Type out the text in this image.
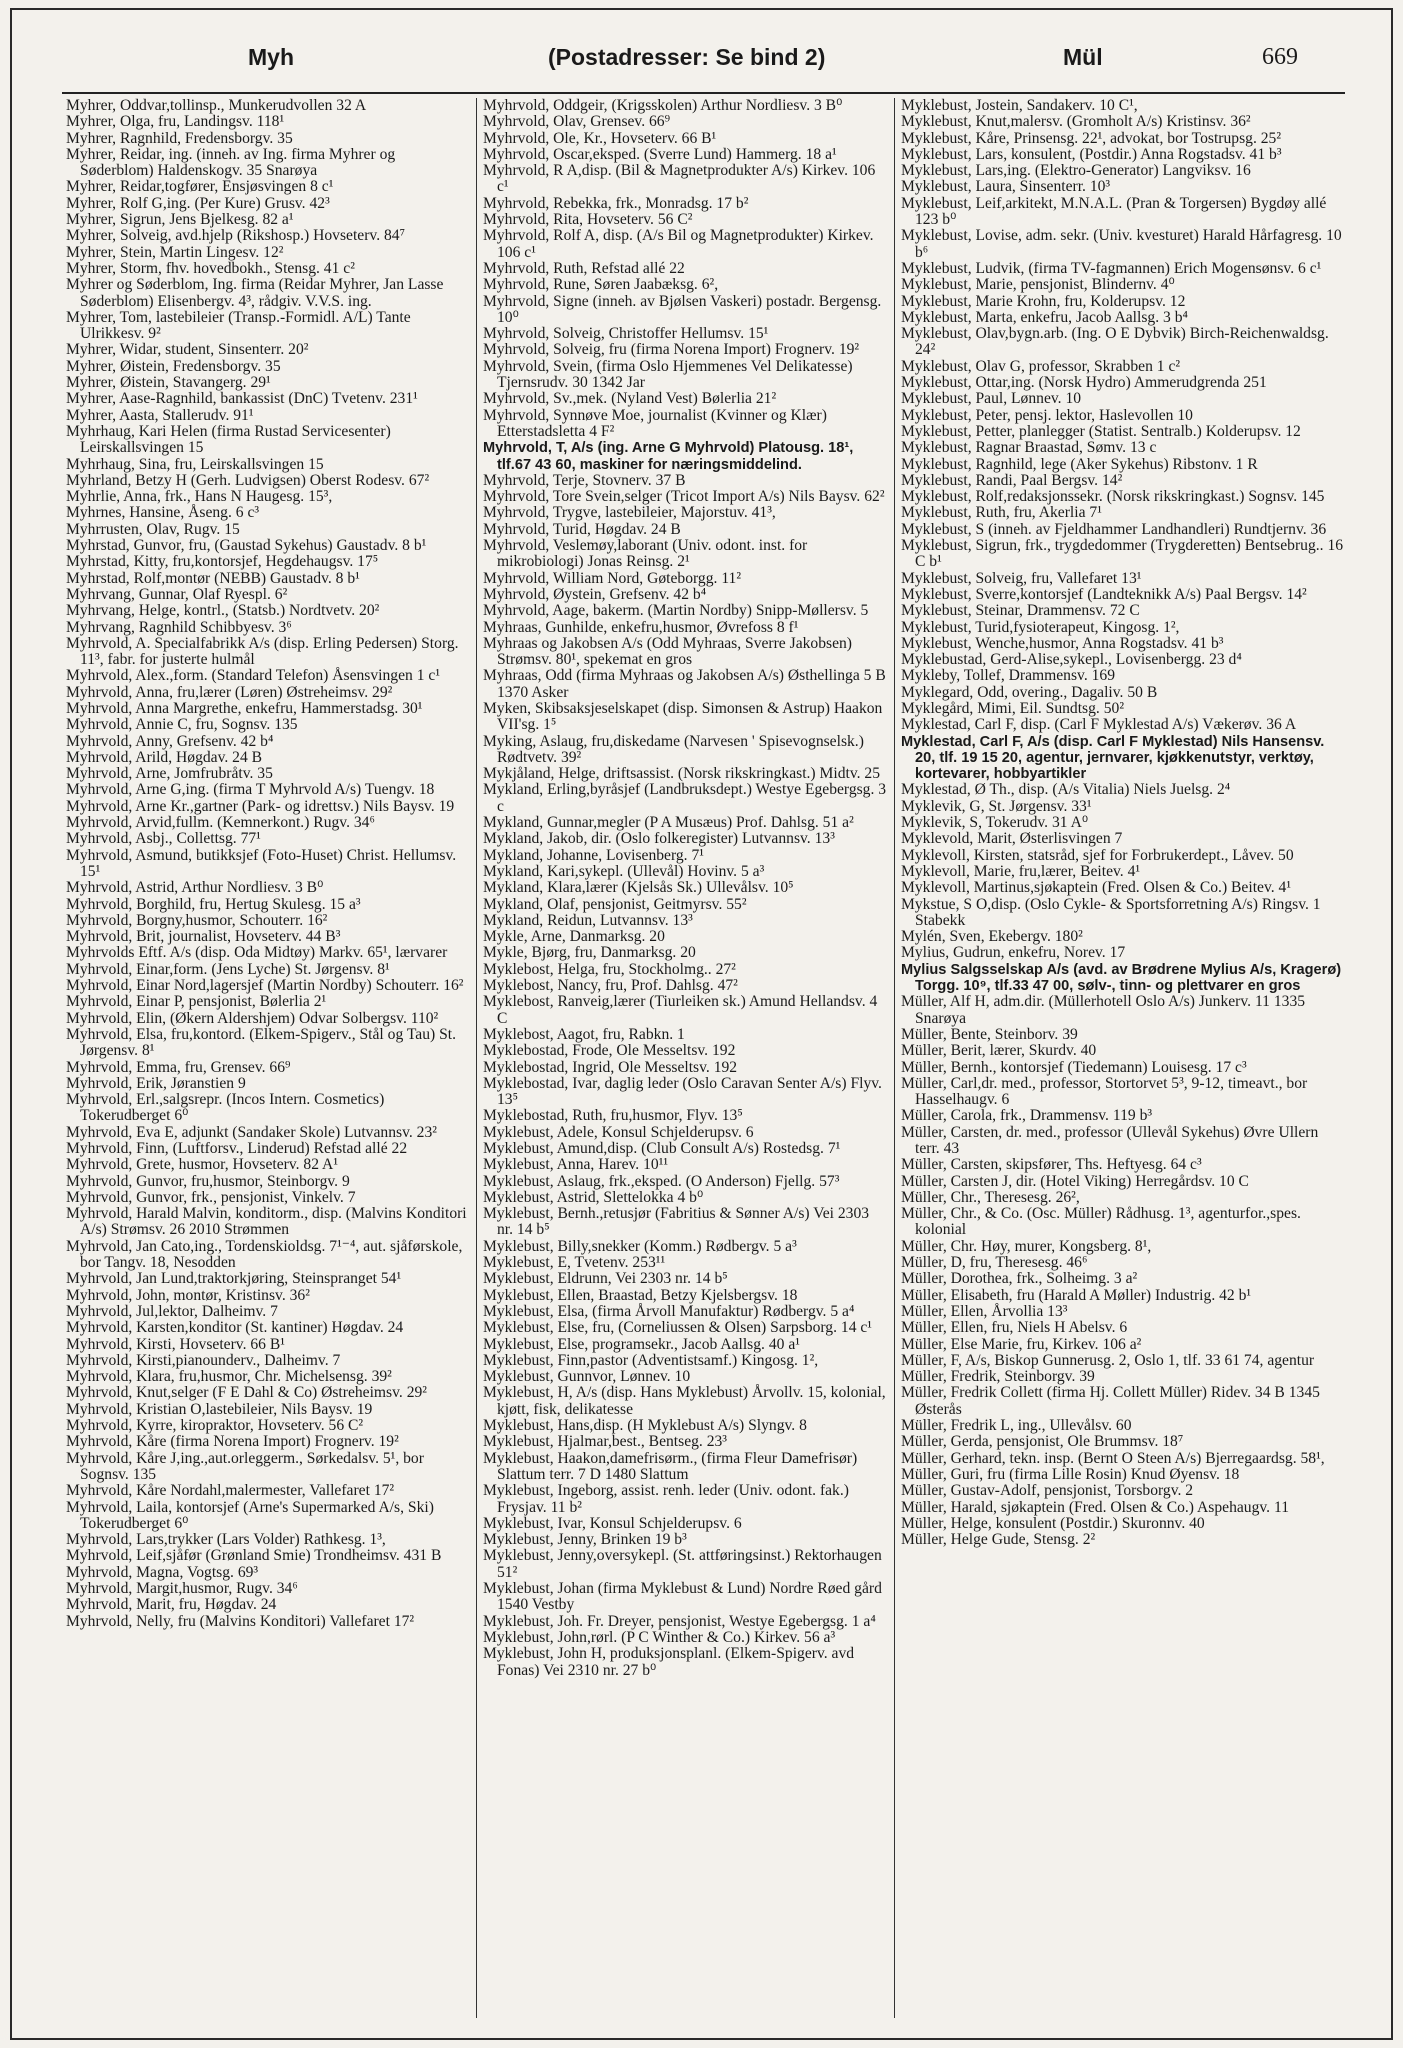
Myh	(Postadresser: Se bind 2)	Mül	669

Myhrer, Oddvar,tollinsp., Munkerudvollen 32 A

Myhrer, Olga, fru, Landingsv. 118¹

Myhrer, Ragnhild, Fredensborgv. 35

Myhrer, Reidar, ing. (inneh. av Ing. firma Myhrer og Søderblom) Haldenskogv. 35 Snarøya

Myhrer, Reidar,togfører, Ensjøsvingen 8 c¹

Myhrer, Rolf G,ing. (Per Kure) Grusv. 42³

Myhrer, Sigrun, Jens Bjelkesg. 82 a¹

Myhrer, Solveig, avd.hjelp (Rikshosp.) Hovseterv. 84⁷

Myhrer, Stein, Martin Lingesv. 12²

Myhrer, Storm, fhv. hovedbokh., Stensg. 41 c²

Myhrer og Søderblom, Ing. firma (Reidar Myhrer, Jan Lasse Søderblom) Elisenbergv. 4³, rådgiv. V.V.S. ing.

Myhrer, Tom, lastebileier (Transp.-Formidl. A/L) Tante Ulrikkesv. 9²

Myhrer, Widar, student, Sinsenterr. 20²

Myhrer, Øistein, Fredensborgv. 35

Myhrer, Øistein, Stavangerg. 29¹

Myhrer, Aase-Ragnhild, bankassist (DnC) Tvetenv. 231¹

Myhrer, Aasta, Stallerudv. 91¹

Myhrhaug, Kari Helen (firma Rustad Servicesenter) Leirskallsvingen 15

Myhrhaug, Sina, fru, Leirskallsvingen 15

Myhrland, Betzy H (Gerh. Ludvigsen) Oberst Rodesv. 67²

Myhrlie, Anna, frk., Hans N Haugesg. 15³,

Myhrnes, Hansine, Åseng. 6 c³

Myhrrusten, Olav, Rugv. 15

Myhrstad, Gunvor, fru, (Gaustad Sykehus) Gaustadv. 8 b¹

Myhrstad, Kitty, fru,kontorsjef, Hegdehaugsv. 17⁵

Myhrstad, Rolf,montør (NEBB) Gaustadv. 8 b¹

Myhrvang, Gunnar, Olaf Ryespl. 6²

Myhrvang, Helge, kontrl., (Statsb.) Nordtvetv. 20²

Myhrvang, Ragnhild Schibbyesv. 3⁶

Myhrvold, A. Specialfabrikk A/s (disp. Erling Pedersen) Storg. 11³, fabr. for justerte hulmål

Myhrvold, Alex.,form. (Standard Telefon) Åsensvingen 1 c¹

Myhrvold, Anna, fru,lærer (Løren) Østreheimsv. 29²

Myhrvold, Anna Margrethe, enkefru, Hammerstadsg. 30¹

Myhrvold, Annie C, fru, Sognsv. 135

Myhrvold, Anny, Grefsenv. 42 b⁴

Myhrvold, Arild, Høgdav. 24 B

Myhrvold, Arne, Jomfrubråtv. 35

Myhrvold, Arne G,ing. (firma T Myhrvold A/s) Tuengv. 18

Myhrvold, Arne Kr.,gartner (Park- og idrettsv.) Nils Baysv. 19

Myhrvold, Arvid,fullm. (Kemnerkont.) Rugv. 34⁶

Myhrvold, Asbj., Collettsg. 77¹

Myhrvold, Asmund, butikksjef (Foto-Huset) Christ. Hellumsv. 15¹

Myhrvold, Astrid, Arthur Nordliesv. 3 B⁰

Myhrvold, Borghild, fru, Hertug Skulesg. 15 a³

Myhrvold, Borgny,husmor, Schouterr. 16²

Myhrvold, Brit, journalist, Hovseterv. 44 B³

Myhrvolds Eftf. A/s (disp. Oda Midtøy) Markv. 65¹, lærvarer

Myhrvold, Einar,form. (Jens Lyche) St. Jørgensv. 8¹

Myhrvold, Einar Nord,lagersjef (Martin Nordby) Schouterr. 16²

Myhrvold, Einar P, pensjonist, Bølerlia 2¹

Myhrvold, Elin, (Økern Aldershjem) Odvar Solbergsv. 110²

Myhrvold, Elsa, fru,kontord. (Elkem-Spigerv., Stål og Tau) St. Jørgensv. 8¹

Myhrvold, Emma, fru, Grensev. 66⁹

Myhrvold, Erik, Jøranstien 9

Myhrvold, Erl.,salgsrepr. (Incos Intern. Cosmetics) Tokerudberget 6⁰

Myhrvold, Eva E, adjunkt (Sandaker Skole) Lutvannsv. 23²

Myhrvold, Finn, (Luftforsv., Linderud) Refstad allé 22

Myhrvold, Grete, husmor, Hovseterv. 82 A¹

Myhrvold, Gunvor, fru,husmor, Steinborgv. 9

Myhrvold, Gunvor, frk., pensjonist, Vinkelv. 7

Myhrvold, Harald Malvin, konditorm., disp. (Malvins Konditori A/s) Strømsv. 26 2010 Strømmen

Myhrvold, Jan Cato,ing., Tordenskioldsg. 7¹⁻⁴, aut. sjåførskole, bor Tangv. 18, Nesodden

Myhrvold, Jan Lund,traktorkjøring, Steinspranget 54¹

Myhrvold, John, montør, Kristinsv. 36²

Myhrvold, Jul,lektor, Dalheimv. 7

Myhrvold, Karsten,konditor (St. kantiner) Høgdav. 24

Myhrvold, Kirsti, Hovseterv. 66 B¹

Myhrvold, Kirsti,pianounderv., Dalheimv. 7

Myhrvold, Klara, fru,husmor, Chr. Michelsensg. 39²

Myhrvold, Knut,selger (F E Dahl & Co) Østreheimsv. 29²

Myhrvold, Kristian O,lastebileier, Nils Baysv. 19

Myhrvold, Kyrre, kiropraktor, Hovseterv. 56 C²

Myhrvold, Kåre (firma Norena Import) Frognerv. 19²

Myhrvold, Kåre J,ing.,aut.orleggerm., Sørkedalsv. 5¹, bor Sognsv. 135

Myhrvold, Kåre Nordahl,malermester, Vallefaret 17²

Myhrvold, Laila, kontorsjef (Arne's Supermarked A/s, Ski) Tokerudberget 6⁰

Myhrvold, Lars,trykker (Lars Volder) Rathkesg. 1³,

Myhrvold, Leif,sjåfør (Grønland Smie) Trondheimsv. 431 B

Myhrvold, Magna, Vogtsg. 69³

Myhrvold, Margit,husmor, Rugv. 34⁶

Myhrvold, Marit, fru, Høgdav. 24

Myhrvold, Nelly, fru (Malvins Konditori) Vallefaret 17²

Myhrvold, Oddgeir, (Krigsskolen) Arthur Nordliesv. 3 B⁰

Myhrvold, Olav, Grensev. 66⁹

Myhrvold, Ole, Kr., Hovseterv. 66 B¹

Myhrvold, Oscar,eksped. (Sverre Lund) Hammerg. 18 a¹

Myhrvold, R A,disp. (Bil & Magnetprodukter A/s) Kirkev. 106 c¹

Myhrvold, Rebekka, frk., Monradsg. 17 b²

Myhrvold, Rita, Hovseterv. 56 C²

Myhrvold, Rolf A, disp. (A/s Bil og Magnetprodukter) Kirkev. 106 c¹

Myhrvold, Ruth, Refstad allé 22

Myhrvold, Rune, Søren Jaabæksg. 6²,

Myhrvold, Signe (inneh. av Bjølsen Vaskeri) postadr. Bergensg. 10⁰

Myhrvold, Solveig, Christoffer Hellumsv. 15¹

Myhrvold, Solveig, fru (firma Norena Import) Frognerv. 19²

Myhrvold, Svein, (firma Oslo Hjemmenes Vel Delikatesse) Tjernsrudv. 30 1342 Jar

Myhrvold, Sv.,mek. (Nyland Vest) Bølerlia 21²

Myhrvold, Synnøve Moe, journalist (Kvinner og Klær) Etterstadsletta 4 F²

Myhrvold, T, A/s (ing. Arne G Myhrvold) Platousg. 18¹, tlf.67 43 60, maskiner for næringsmiddelind.

Myhrvold, Terje, Stovnerv. 37 B

Myhrvold, Tore Svein,selger (Tricot Import A/s) Nils Baysv. 62²

Myhrvold, Trygve, lastebileier, Majorstuv. 41³,

Myhrvold, Turid, Høgdav. 24 B

Myhrvold, Veslemøy,laborant (Univ. odont. inst. for mikrobiologi) Jonas Reinsg. 2¹

Myhrvold, William Nord, Gøteborgg. 11²

Myhrvold, Øystein, Grefsenv. 42 b⁴

Myhrvold, Aage, bakerm. (Martin Nordby) Snipp-Møllersv. 5

Myhraas, Gunhilde, enkefru,husmor, Øvrefoss 8 f¹

Myhraas og Jakobsen A/s (Odd Myhraas, Sverre Jakobsen) Strømsv. 80¹, spekemat en gros

Myhraas, Odd (firma Myhraas og Jakobsen A/s) Østhellinga 5 B 1370 Asker

Myken, Skibsaksjeselskapet (disp. Simonsen & Astrup) Haakon VII'sg. 1⁵

Myking, Aslaug, fru,diskedame (Narvesen ' Spisevognselsk.) Rødtvetv. 39²

Mykjåland, Helge, driftsassist. (Norsk rikskringkast.) Midtv. 25

Mykland, Erling,byråsjef (Landbruksdept.) Westye Egebergsg. 3 c

Mykland, Gunnar,megler (P A Musæus) Prof. Dahlsg. 51 a²

Mykland, Jakob, dir. (Oslo folkeregister) Lutvannsv. 13³

Mykland, Johanne, Lovisenberg. 7¹

Mykland, Kari,sykepl. (Ullevål) Hovinv. 5 a³

Mykland, Klara,lærer (Kjelsås Sk.) Ullevålsv. 10⁵

Mykland, Olaf, pensjonist, Geitmyrsv. 55²

Mykland, Reidun, Lutvannsv. 13³

Mykle, Arne, Danmarksg. 20

Mykle, Bjørg, fru, Danmarksg. 20

Myklebost, Helga, fru, Stockholmg.. 27²

Myklebost, Nancy, fru, Prof. Dahlsg. 47²

Myklebost, Ranveig,lærer (Tiurleiken sk.) Amund Hellandsv. 4 C

Myklebost, Aagot, fru, Rabkn. 1

Myklebostad, Frode, Ole Messeltsv. 192

Myklebostad, Ingrid, Ole Messeltsv. 192

Myklebostad, Ivar, daglig leder (Oslo Caravan Senter A/s) Flyv. 13⁵

Myklebostad, Ruth, fru,husmor, Flyv. 13⁵

Myklebust, Adele, Konsul Schjelderupsv. 6

Myklebust, Amund,disp. (Club Consult A/s) Rostedsg. 7¹

Myklebust, Anna, Harev. 10¹¹

Myklebust, Aslaug, frk.,eksped. (O Anderson) Fjellg. 57³

Myklebust, Astrid, Slettelokka 4 b⁰

Myklebust, Bernh.,retusjør (Fabritius & Sønner A/s) Vei 2303 nr. 14 b⁵

Myklebust, Billy,snekker (Komm.) Rødbergv. 5 a³

Myklebust, E, Tvetenv. 253¹¹

Myklebust, Eldrunn, Vei 2303 nr. 14 b⁵

Myklebust, Ellen, Braastad, Betzy Kjelsbergsv. 18

Myklebust, Elsa, (firma Årvoll Manufaktur) Rødbergv. 5 a⁴

Myklebust, Else, fru, (Corneliussen & Olsen) Sarpsborg. 14 c¹

Myklebust, Else, programsekr., Jacob Aallsg. 40 a¹

Myklebust, Finn,pastor (Adventistsamf.) Kingosg. 1²,

Myklebust, Gunnvor, Lønnev. 10

Myklebust, H, A/s (disp. Hans Myklebust) Årvollv. 15, kolonial, kjøtt, fisk, delikatesse

Myklebust, Hans,disp. (H Myklebust A/s) Slyngv. 8

Myklebust, Hjalmar,best., Bentseg. 23³

Myklebust, Haakon,damefrisørm., (firma Fleur Damefrisør) Slattum terr. 7 D 1480 Slattum

Myklebust, Ingeborg, assist. renh. leder (Univ. odont. fak.) Frysjav. 11 b²

Myklebust, Ivar, Konsul Schjelderupsv. 6

Myklebust, Jenny, Brinken 19 b³

Myklebust, Jenny,oversykepl. (St. attføringsinst.) Rektorhaugen 51²

Myklebust, Johan (firma Myklebust & Lund) Nordre Røed gård 1540 Vestby

Myklebust, Joh. Fr. Dreyer, pensjonist, Westye Egebergsg. 1 a⁴

Myklebust, John,rørl. (P C Winther & Co.) Kirkev. 56 a³

Myklebust, John H, produksjonsplanl. (Elkem-Spigerv. avd Fonas) Vei 2310 nr. 27 b⁰

Myklebust, Jostein, Sandakerv. 10 C¹,

Myklebust, Knut,malersv. (Gromholt A/s) Kristinsv. 36²

Myklebust, Kåre, Prinsensg. 22¹, advokat, bor Tostrupsg. 25²

Myklebust, Lars, konsulent, (Postdir.) Anna Rogstadsv. 41 b³

Myklebust, Lars,ing. (Elektro-Generator) Langviksv. 16

Myklebust, Laura, Sinsenterr. 10³

Myklebust, Leif,arkitekt, M.N.A.L. (Pran & Torgersen) Bygdøy allé 123 b⁰

Myklebust, Lovise, adm. sekr. (Univ. kvesturet) Harald Hårfagresg. 10 b⁶

Myklebust, Ludvik, (firma TV-fagmannen) Erich Mogensønsv. 6 c¹

Myklebust, Marie, pensjonist, Blindernv. 4⁰

Myklebust, Marie Krohn, fru, Kolderupsv. 12

Myklebust, Marta, enkefru, Jacob Aallsg. 3 b⁴

Myklebust, Olav,bygn.arb. (Ing. O E Dybvik) Birch-Reichenwaldsg. 24²

Myklebust, Olav G, professor, Skrabben 1 c²

Myklebust, Ottar,ing. (Norsk Hydro) Ammerudgrenda 251

Myklebust, Paul, Lønnev. 10

Myklebust, Peter, pensj. lektor, Haslevollen 10

Myklebust, Petter, planlegger (Statist. Sentralb.) Kolderupsv. 12

Myklebust, Ragnar Braastad, Sømv. 13 c

Myklebust, Ragnhild, lege (Aker Sykehus) Ribstonv. 1 R

Myklebust, Randi, Paal Bergsv. 14²

Myklebust, Rolf,redaksjonssekr. (Norsk rikskringkast.) Sognsv. 145

Myklebust, Ruth, fru, Akerlia 7¹

Myklebust, S (inneh. av Fjeldhammer Landhandleri) Rundtjernv. 36

Myklebust, Sigrun, frk., trygdedommer (Trygderetten) Bentsebrug.. 16 C b¹

Myklebust, Solveig, fru, Vallefaret 13¹

Myklebust, Sverre,kontorsjef (Landteknikk A/s) Paal Bergsv. 14²

Myklebust, Steinar, Drammensv. 72 C

Myklebust, Turid,fysioterapeut, Kingosg. 1²,

Myklebust, Wenche,husmor, Anna Rogstadsv. 41 b³

Myklebustad, Gerd-Alise,sykepl., Lovisenbergg. 23 d⁴

Mykleby, Tollef, Drammensv. 169

Myklegard, Odd, overing., Dagaliv. 50 B

Myklegård, Mimi, Eil. Sundtsg. 50²

Myklestad, Carl F, disp. (Carl F Myklestad A/s) Vækerøv. 36 A

Myklestad, Carl F, A/s (disp. Carl F Myklestad) Nils Hansensv. 20, tlf. 19 15 20, agentur, jernvarer, kjøkkenutstyr, verktøy, kortevarer, hobbyartikler

Myklestad, Ø Th., disp. (A/s Vitalia) Niels Juelsg. 2⁴

Myklevik, G, St. Jørgensv. 33¹

Myklevik, S, Tokerudv. 31 A⁰

Myklevold, Marit, Østerlisvingen 7

Myklevoll, Kirsten, statsråd, sjef for Forbrukerdept., Låvev. 50

Myklevoll, Marie, fru,lærer, Beitev. 4¹

Myklevoll, Martinus,sjøkaptein (Fred. Olsen & Co.) Beitev. 4¹

Mykstue, S O,disp. (Oslo Cykle- & Sportsforretning A/s) Ringsv. 1 Stabekk

Mylén, Sven, Ekebergv. 180²

Mylius, Gudrun, enkefru, Norev. 17

Mylius Salgsselskap A/s (avd. av Brødrene Mylius A/s, Kragerø) Torgg. 10⁹, tlf.33 47 00, sølv-, tinn- og plettvarer en gros

Müller, Alf H, adm.dir. (Müllerhotell Oslo A/s) Junkerv. 11 1335 Snarøya

Müller, Bente, Steinborv. 39

Müller, Berit, lærer, Skurdv. 40

Müller, Bernh., kontorsjef (Tiedemann) Louisesg. 17 c³

Müller, Carl,dr. med., professor, Stortorvet 5³, 9-12, timeavt., bor Hasselhaugv. 6

Müller, Carola, frk., Drammensv. 119 b³

Müller, Carsten, dr. med., professor (Ullevål Sykehus) Øvre Ullern terr. 43

Müller, Carsten, skipsfører, Ths. Heftyesg. 64 c³

Müller, Carsten J, dir. (Hotel Viking) Herregårdsv. 10 C

Müller, Chr., Theresesg. 26²,

Müller, Chr., & Co. (Osc. Müller) Rådhusg. 1³, agenturfor.,spes. kolonial

Müller, Chr. Høy, murer, Kongsberg. 8¹,

Müller, D, fru, Theresesg. 46⁶

Müller, Dorothea, frk., Solheimg. 3 a²

Müller, Elisabeth, fru (Harald A Møller) Industrig. 42 b¹

Müller, Ellen, Årvollia 13³

Müller, Ellen, fru, Niels H Abelsv. 6

Müller, Else Marie, fru, Kirkev. 106 a²

Müller, F, A/s, Biskop Gunnerusg. 2, Oslo 1, tlf. 33 61 74, agentur

Müller, Fredrik, Steinborgv. 39

Müller, Fredrik Collett (firma Hj. Collett Müller) Ridev. 34 B 1345 Østerås

Müller, Fredrik L, ing., Ullevålsv. 60

Müller, Gerda, pensjonist, Ole Brummsv. 18⁷

Müller, Gerhard, tekn. insp. (Bernt O Steen A/s) Bjerregaardsg. 58¹,

Müller, Guri, fru (firma Lille Rosin) Knud Øyensv. 18

Müller, Gustav-Adolf, pensjonist, Torsborgv. 2

Müller, Harald, sjøkaptein (Fred. Olsen & Co.) Aspehaugv. 11

Müller, Helge, konsulent (Postdir.) Skuronnv. 40

Müller, Helge Gude, Stensg. 2²
